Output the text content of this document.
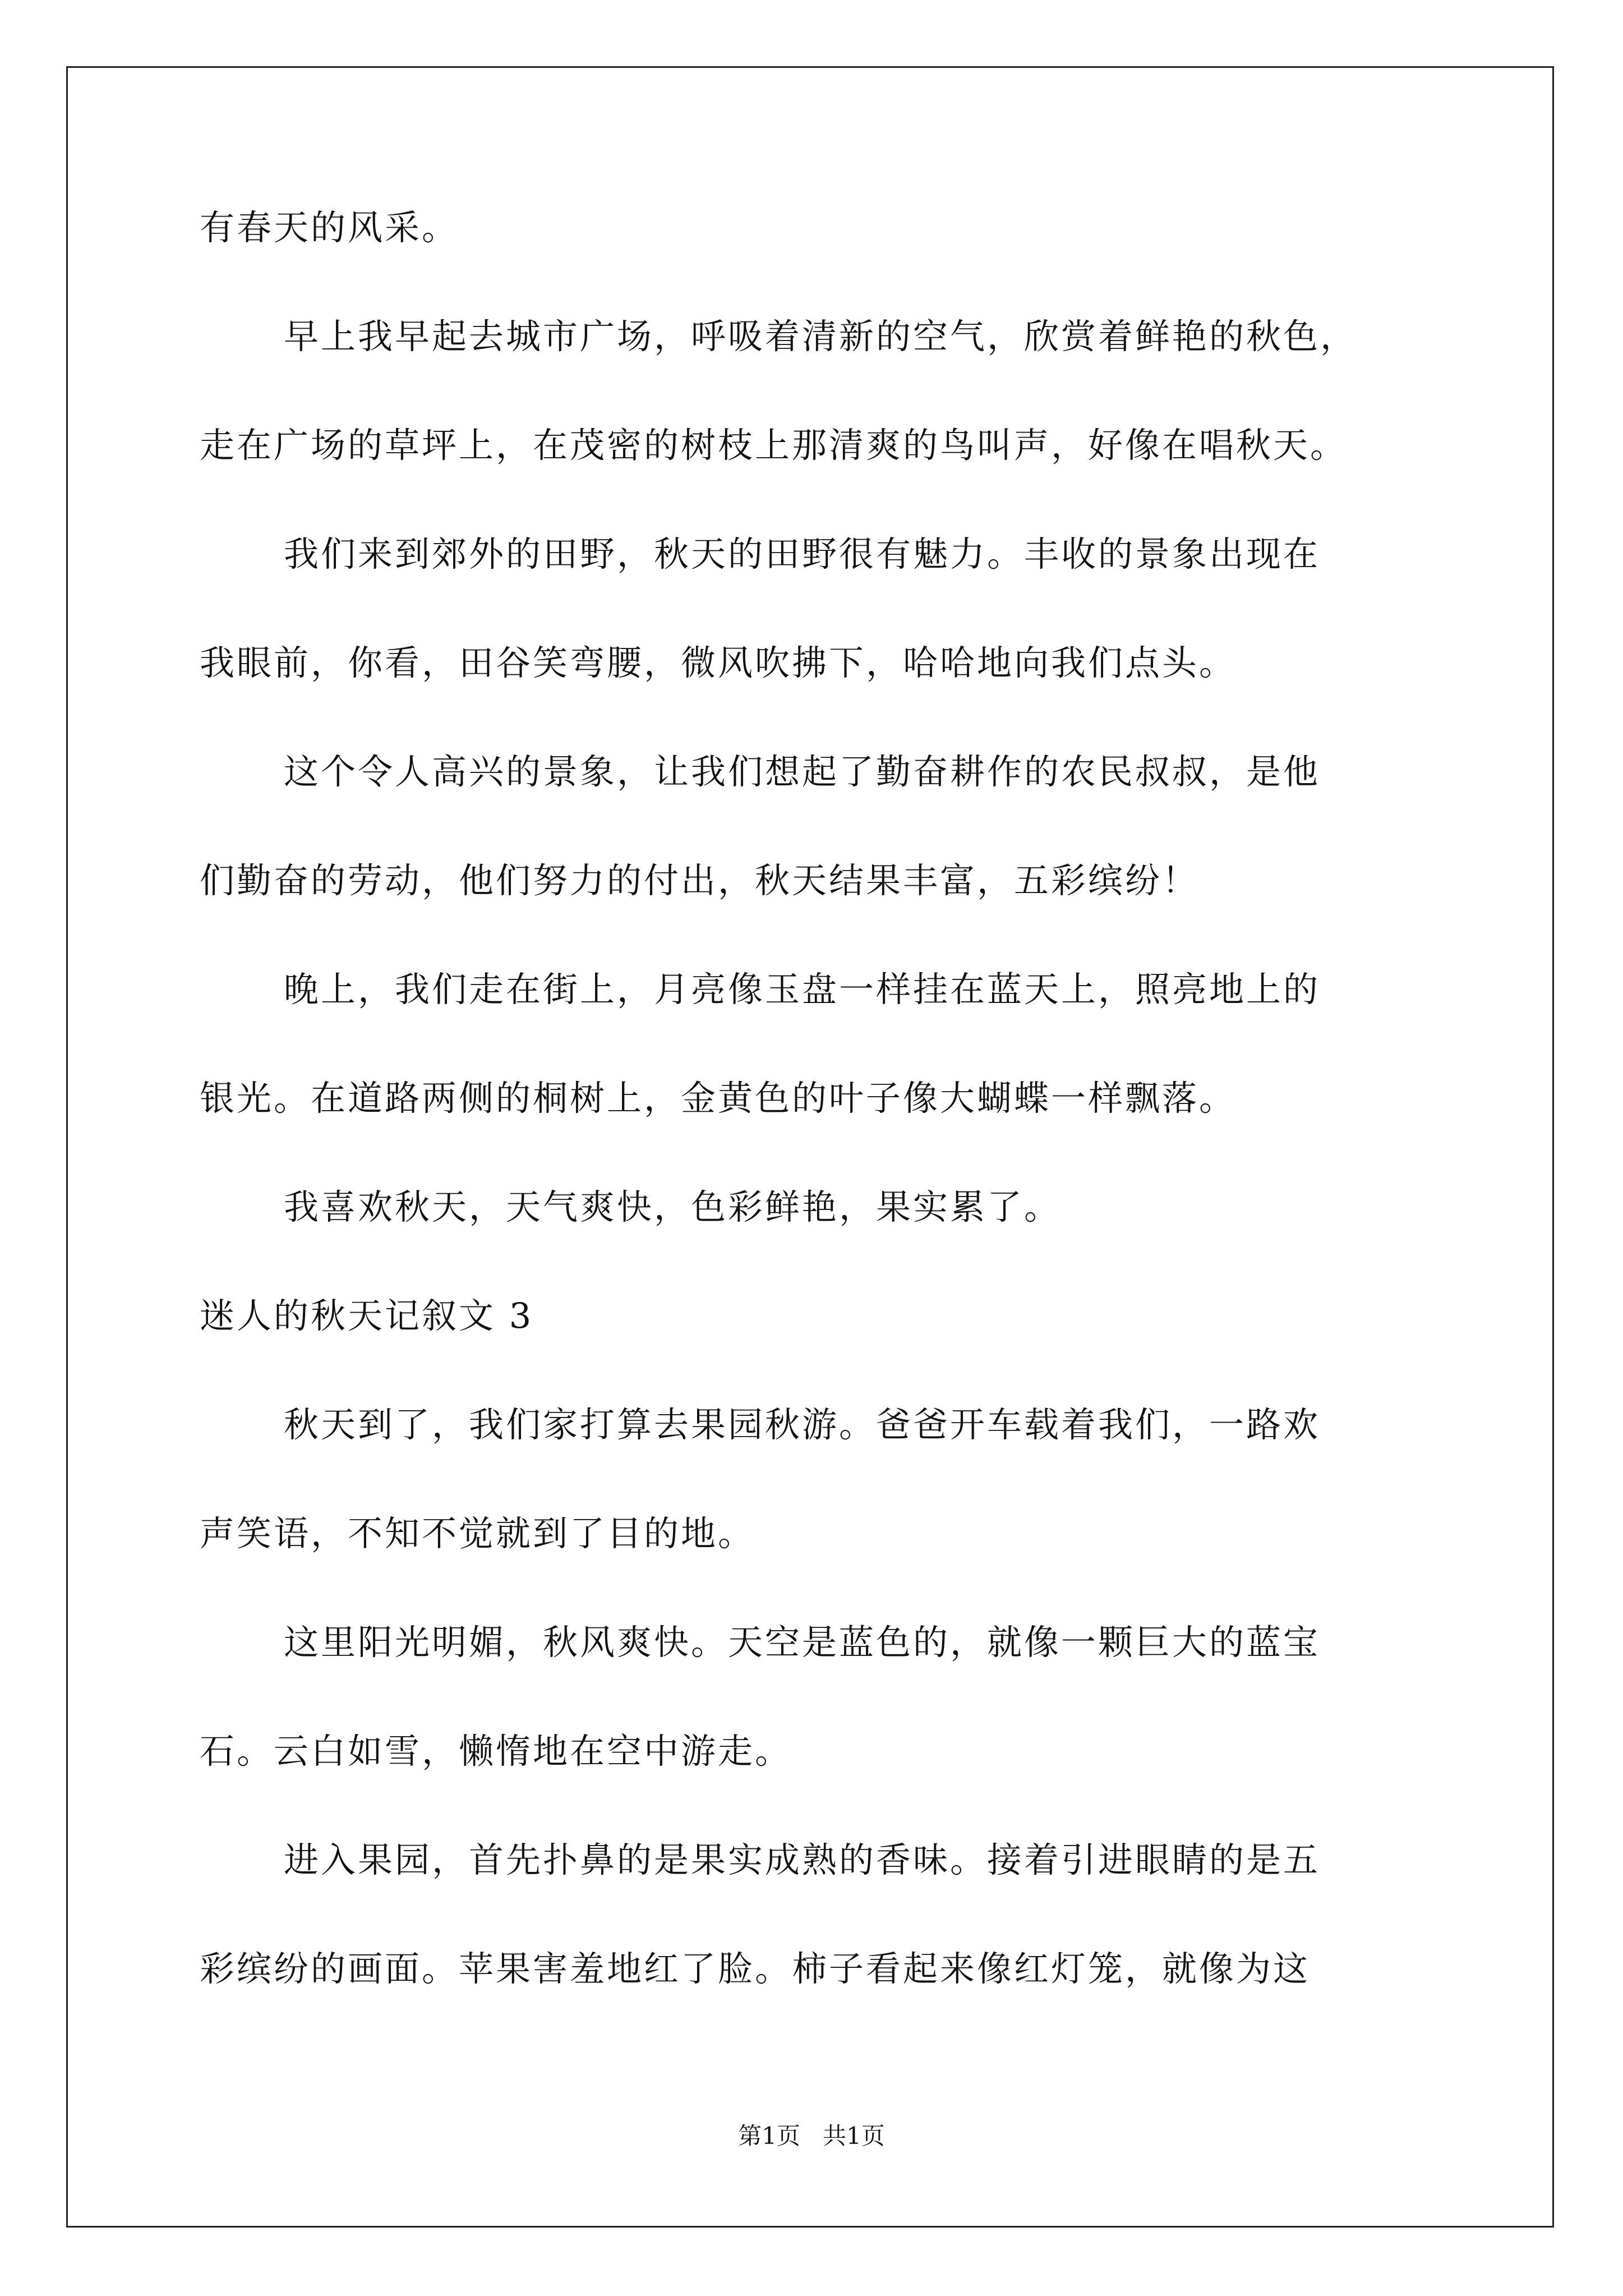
有春天的风采。
早上我早起去城市广场，呼吸着清新的空气，欣赏着鲜艳的秋色，
走在广场的草坪上，在茂密的树枝上那清爽的鸟叫声，好像在唱秋天。
我们来到郊外的田野，秋天的田野很有魅力。丰收的景象出现在
我眼前，你看，田谷笑弯腰，微风吹拂下，哈哈地向我们点头。
这个令人高兴的景象，让我们想起了勤奋耕作的农民叔叔，是他
们勤奋的劳动，他们努力的付出，秋天结果丰富，五彩缤纷！
晚上，我们走在街上，月亮像玉盘一样挂在蓝天上，照亮地上的
银光。在道路两侧的桐树上，金黄色的叶子像大蝴蝶一样飘落。
我喜欢秋天，天气爽快，色彩鲜艳，果实累了。
迷人的秋天记叙文 3
秋天到了，我们家打算去果园秋游。爸爸开车载着我们，一路欢
声笑语，不知不觉就到了目的地。
这里阳光明媚，秋风爽快。天空是蓝色的，就像一颗巨大的蓝宝
石。云白如雪，懒惰地在空中游走。
进入果园，首先扑鼻的是果实成熟的香味。接着引进眼睛的是五
彩缤纷的画面。苹果害羞地红了脸。柿子看起来像红灯笼，就像为这
第1页   共1页
